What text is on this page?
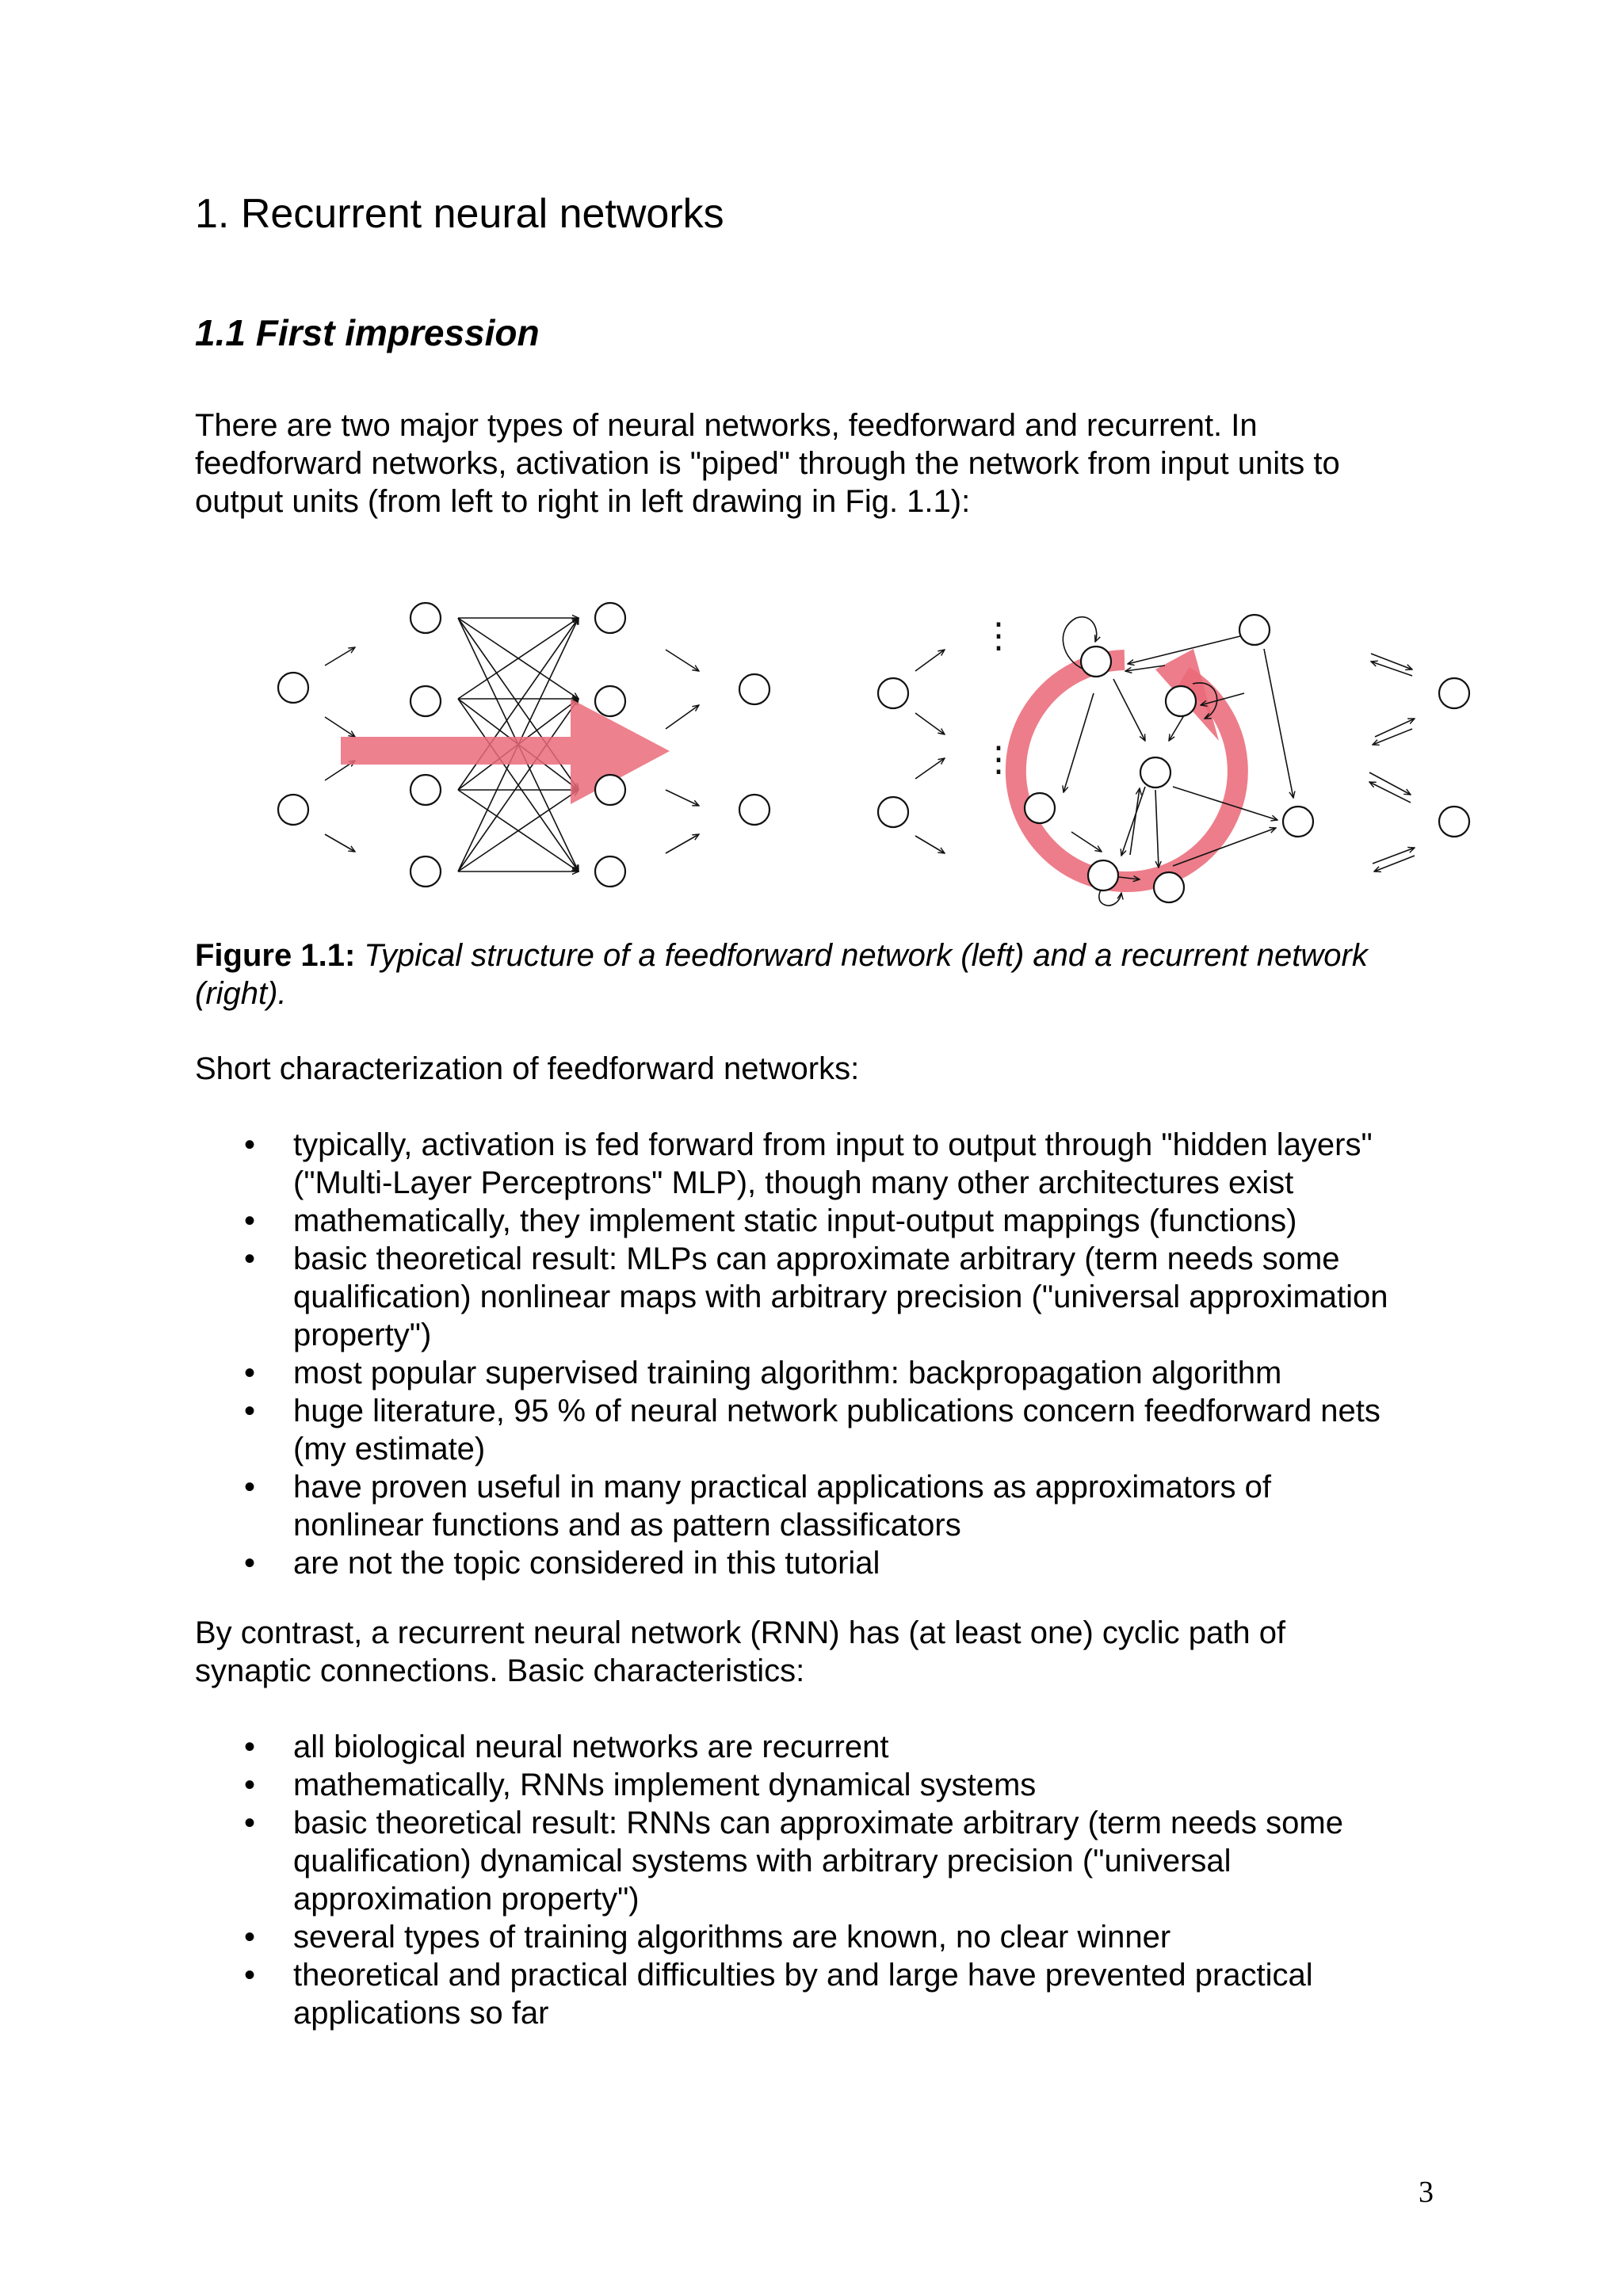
1. Recurrent neural networks
1.1 First impression

There are two major types of neural networks, feedforward and recurrent. In
feedforward networks, activation is "piped" through the network from input units to
output units (from left to right in left drawing in Fig. 1.1):

⋮
⋮

Figure 1.1: Typical structure of a feedforward network (left) and a recurrent network
(right).

Short characterization of feedforward networks:

• typically, activation is fed forward from input to output through "hidden layers"
("Multi-Layer Perceptrons" MLP), though many other architectures exist
• mathematically, they implement static input-output mappings (functions)
• basic theoretical result: MLPs can approximate arbitrary (term needs some
qualification) nonlinear maps with arbitrary precision ("universal approximation
property")
• most popular supervised training algorithm: backpropagation algorithm
• huge literature, 95 % of neural network publications concern feedforward nets
(my estimate)
• have proven useful in many practical applications as approximators of
nonlinear functions and as pattern classificators
• are not the topic considered in this tutorial

By contrast, a recurrent neural network (RNN) has (at least one) cyclic path of
synaptic connections. Basic characteristics:

• all biological neural networks are recurrent
• mathematically, RNNs implement dynamical systems
• basic theoretical result: RNNs can approximate arbitrary (term needs some
qualification) dynamical systems with arbitrary precision ("universal
approximation property")
• several types of training algorithms are known, no clear winner
• theoretical and practical difficulties by and large have prevented practical
applications so far
3
